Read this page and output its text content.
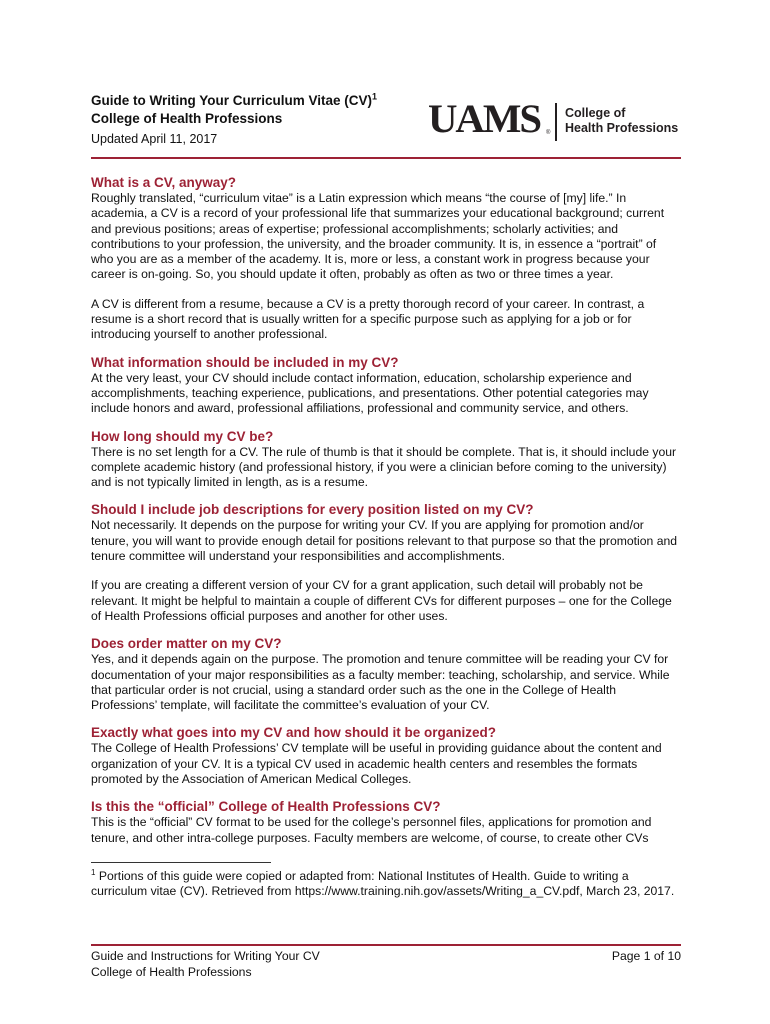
Guide to Writing Your Curriculum Vitae (CV)$^1$
College of Health Professions
Updated April 11, 2017	UAMS ®
College of
Health Professions
What is a CV, anyway?

Roughly translated, “curriculum vitae” is a Latin expression which means “the course of [my] life.” In academia, a CV is a record of your professional life that summarizes your educational background; current and previous positions; areas of expertise; professional accomplishments; scholarly activities; and contributions to your profession, the university, and the broader community. It is, in essence a “portrait” of who you are as a member of the academy. It is, more or less, a constant work in progress because your career is on-going. So, you should update it often, probably as often as two or three times a year.

A CV is different from a resume, because a CV is a pretty thorough record of your career. In contrast, a resume is a short record that is usually written for a specific purpose such as applying for a job or for introducing yourself to another professional.

What information should be included in my CV?

At the very least, your CV should include contact information, education, scholarship experience and accomplishments, teaching experience, publications, and presentations. Other potential categories may include honors and award, professional affiliations, professional and community service, and others.

How long should my CV be?

There is no set length for a CV. The rule of thumb is that it should be complete. That is, it should include your complete academic history (and professional history, if you were a clinician before coming to the university) and is not typically limited in length, as is a resume.

Should I include job descriptions for every position listed on my CV?

Not necessarily. It depends on the purpose for writing your CV. If you are applying for promotion and/or tenure, you will want to provide enough detail for positions relevant to that purpose so that the promotion and tenure committee will understand your responsibilities and accomplishments.

If you are creating a different version of your CV for a grant application, such detail will probably not be relevant. It might be helpful to maintain a couple of different CVs for different purposes – one for the College of Health Professions official purposes and another for other uses.

Does order matter on my CV?

Yes, and it depends again on the purpose. The promotion and tenure committee will be reading your CV for documentation of your major responsibilities as a faculty member: teaching, scholarship, and service. While that particular order is not crucial, using a standard order such as the one in the College of Health Professions’ template, will facilitate the committee’s evaluation of your CV.

Exactly what goes into my CV and how should it be organized?

The College of Health Professions’ CV template will be useful in providing guidance about the content and organization of your CV. It is a typical CV used in academic health centers and resembles the formats promoted by the Association of American Medical Colleges.

Is this the “official” College of Health Professions CV?

This is the “official” CV format to be used for the college’s personnel files, applications for promotion and tenure, and other intra-college purposes. Faculty members are welcome, of course, to create other CVs

$^1$ Portions of this guide were copied or adapted from: National Institutes of Health. Guide to writing a curriculum vitae (CV). Retrieved from https://www.training.nih.gov/assets/Writing_a_CV.pdf, March 23, 2017.

Guide and Instructions for Writing Your CV
College of Health Professions
Page 1 of 10
